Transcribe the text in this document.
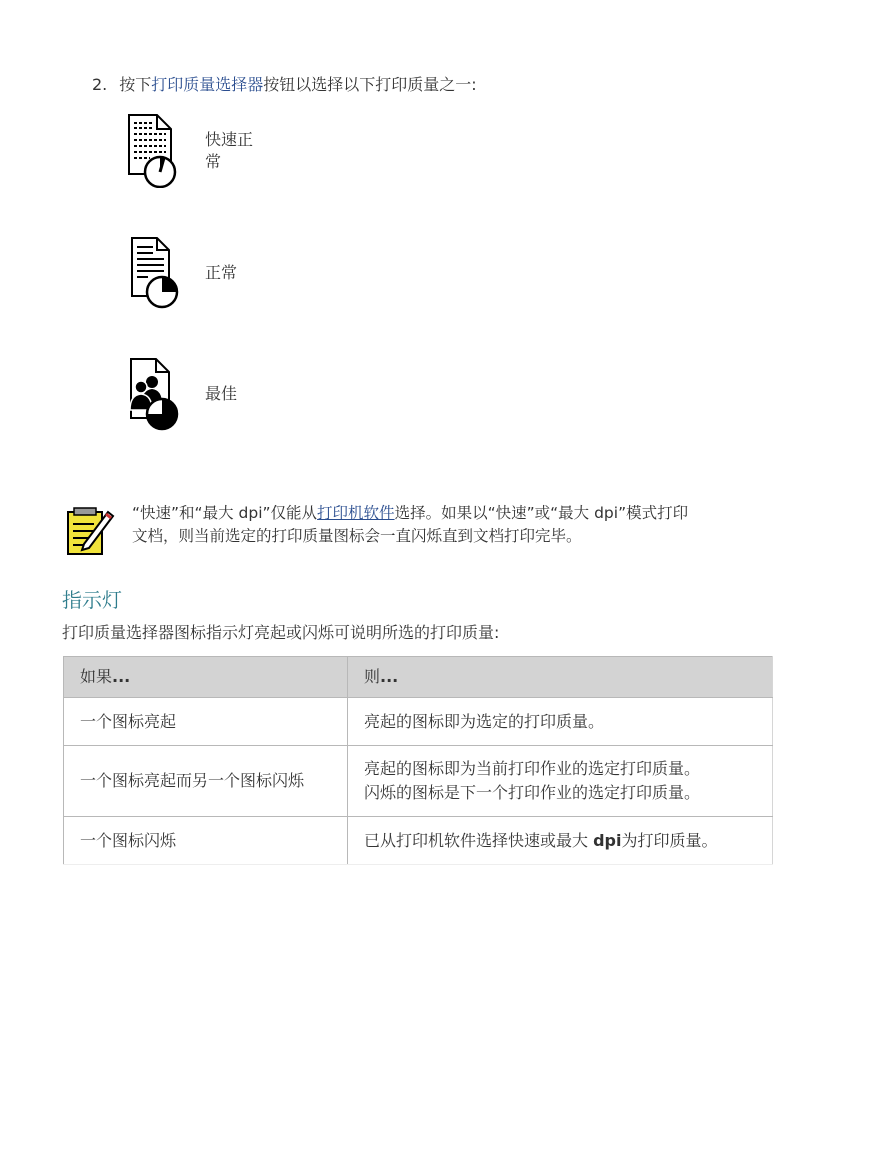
2. 按下打印质量选择器按钮以选择以下打印质量之一:
快速正常
正常
最佳
“快速”和“最大 dpi”仅能从打印机软件选择。如果以“快速”或“最大 dpi”模式打印文档，则当前选定的打印质量图标会一直闪烁直到文档打印完毕。
指示灯
打印质量选择器图标指示灯亮起或闪烁可说明所选的打印质量:
如果...	则...
一个图标亮起	亮起的图标即为选定的打印质量。
一个图标亮起而另一个图标闪烁	亮起的图标即为当前打印作业的选定打印质量。
闪烁的图标是下一个打印作业的选定打印质量。
一个图标闪烁	已从打印机软件选择快速或最大 dpi为打印质量。
